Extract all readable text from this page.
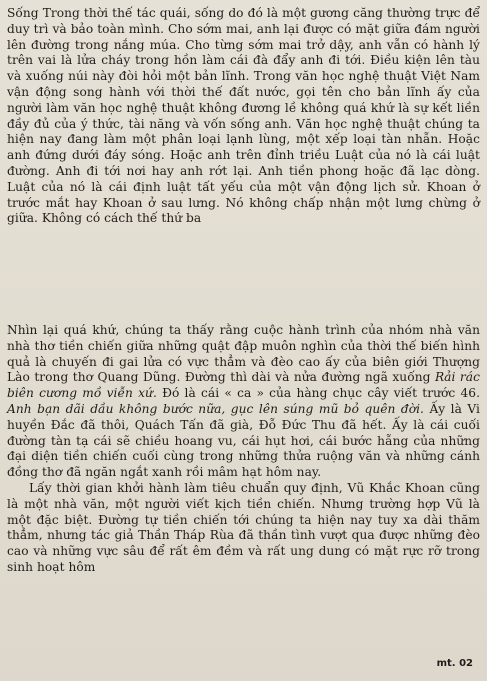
Sống Trong thời thế tác quái, sống do đó là một gương căng thường trực để duy trì và bảo toàn mình. Cho sớm mai, anh lại được có mặt giữa đám người lên đường trong nắng múa. Cho từng sớm mai trở dậy, anh vẫn có hành lý trên vai là lửa cháy trong hồn làm cái đà đẩy anh đi tới. Điều kiện lên tàu và xuống núi này đòi hỏi một bản lĩnh. Trong văn học nghệ thuật Việt Nam vận động song hành với thời thế đất nước, gọi tên cho bản lĩnh ấy của người làm văn học nghệ thuật không đương lề không quá khứ là sự kết liền đầy đủ của ý thức, tài năng và vốn sống anh. Văn học nghệ thuật chúng ta hiện nay đang làm một phân loại lạnh lùng, một xếp loại tàn nhẫn. Hoặc anh đứng dưới đáy sóng. Hoặc anh trên đỉnh triều Luật của nó là cái luật đường. Anh đi tới nơi hay anh rớt lại. Anh tiền phong hoặc đã lạc dòng. Luật của nó là cái định luật tất yếu của một vận động lịch sử. Khoan ở trước mắt hay Khoan ở sau lưng. Nó không chấp nhận một lưng chừng ở giữa. Không có cách thế thứ ba
Nhìn lại quá khứ, chúng ta thấy rằng cuộc hành trình của nhóm nhà văn nhà thơ tiền chiến giữa những quật đập muôn nghìn của thời thế biến hình quả là chuyến đi gai lửa có vực thẳm và đèo cao ấy của biên giới Thượng Lào trong thơ Quang Dũng. Đường thì dài và nửa đường ngã xuống Rải rác biên cương mồ viễn xứ. Đó là cái « ca » của hàng chục cây viết trước 46. Anh bạn dãi dầu không bước nữa, gục lên súng mũ bỏ quên đời. Ấy là Vi huyền Đắc đã thôi, Quách Tấn đã già, Đỗ Đức Thu đã hết. Ấy là cái cuối đường tàn tạ cái sẽ chiều hoang vu, cái hụt hơi, cái bước hẫng của những đại diện tiền chiến cuối cùng trong những thửa ruộng văn và những cánh đồng thơ đã ngăn ngắt xanh rồi mâm hạt hôm nay.
Lấy thời gian khởi hành làm tiêu chuẩn quy định, Vũ Khắc Khoan cũng là một nhà văn, một người viết kịch tiền chiến. Nhưng trường hợp Vũ là một đặc biệt. Đường tự tiền chiến tới chúng ta hiện nay tuy xa dài thăm thẳm, nhưng tác giả Thần Tháp Rùa đã thần tình vượt qua được những đèo cao và những vực sâu để rất êm đềm và rất ung dung có mặt rực rỡ trong sinh hoạt hôm
mt. 02
